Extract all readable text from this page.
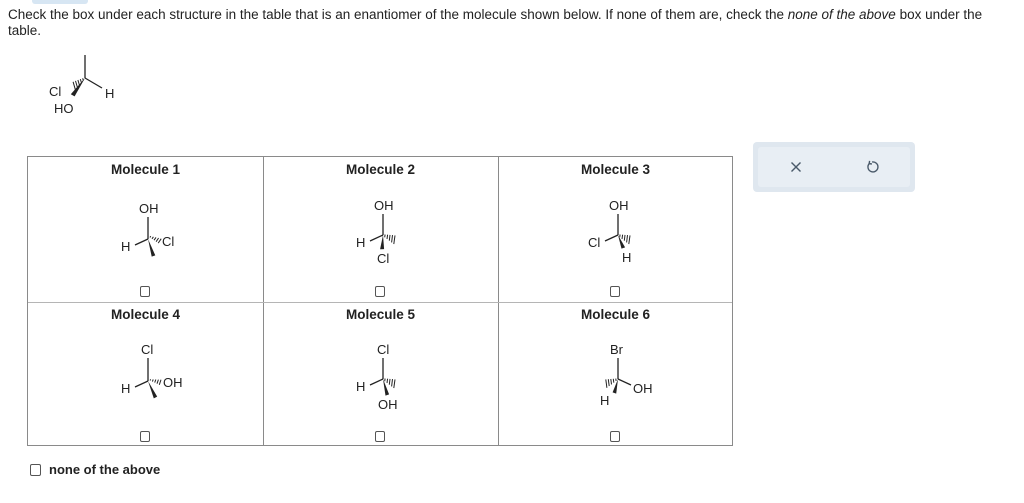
Check the box under each structure in the table that is an enantiomer of the molecule shown below. If none of them are, check the none of the above box under the table.
Cl	H
HO
Molecule 1
OH
H Cl
Molecule 2
OH
H
Cl
Molecule 3
OH
Cl
H
Molecule 4
Cl
H	OH
Molecule 5
Cl
H
OH
Molecule 6
Br
H
OH
none of the above
